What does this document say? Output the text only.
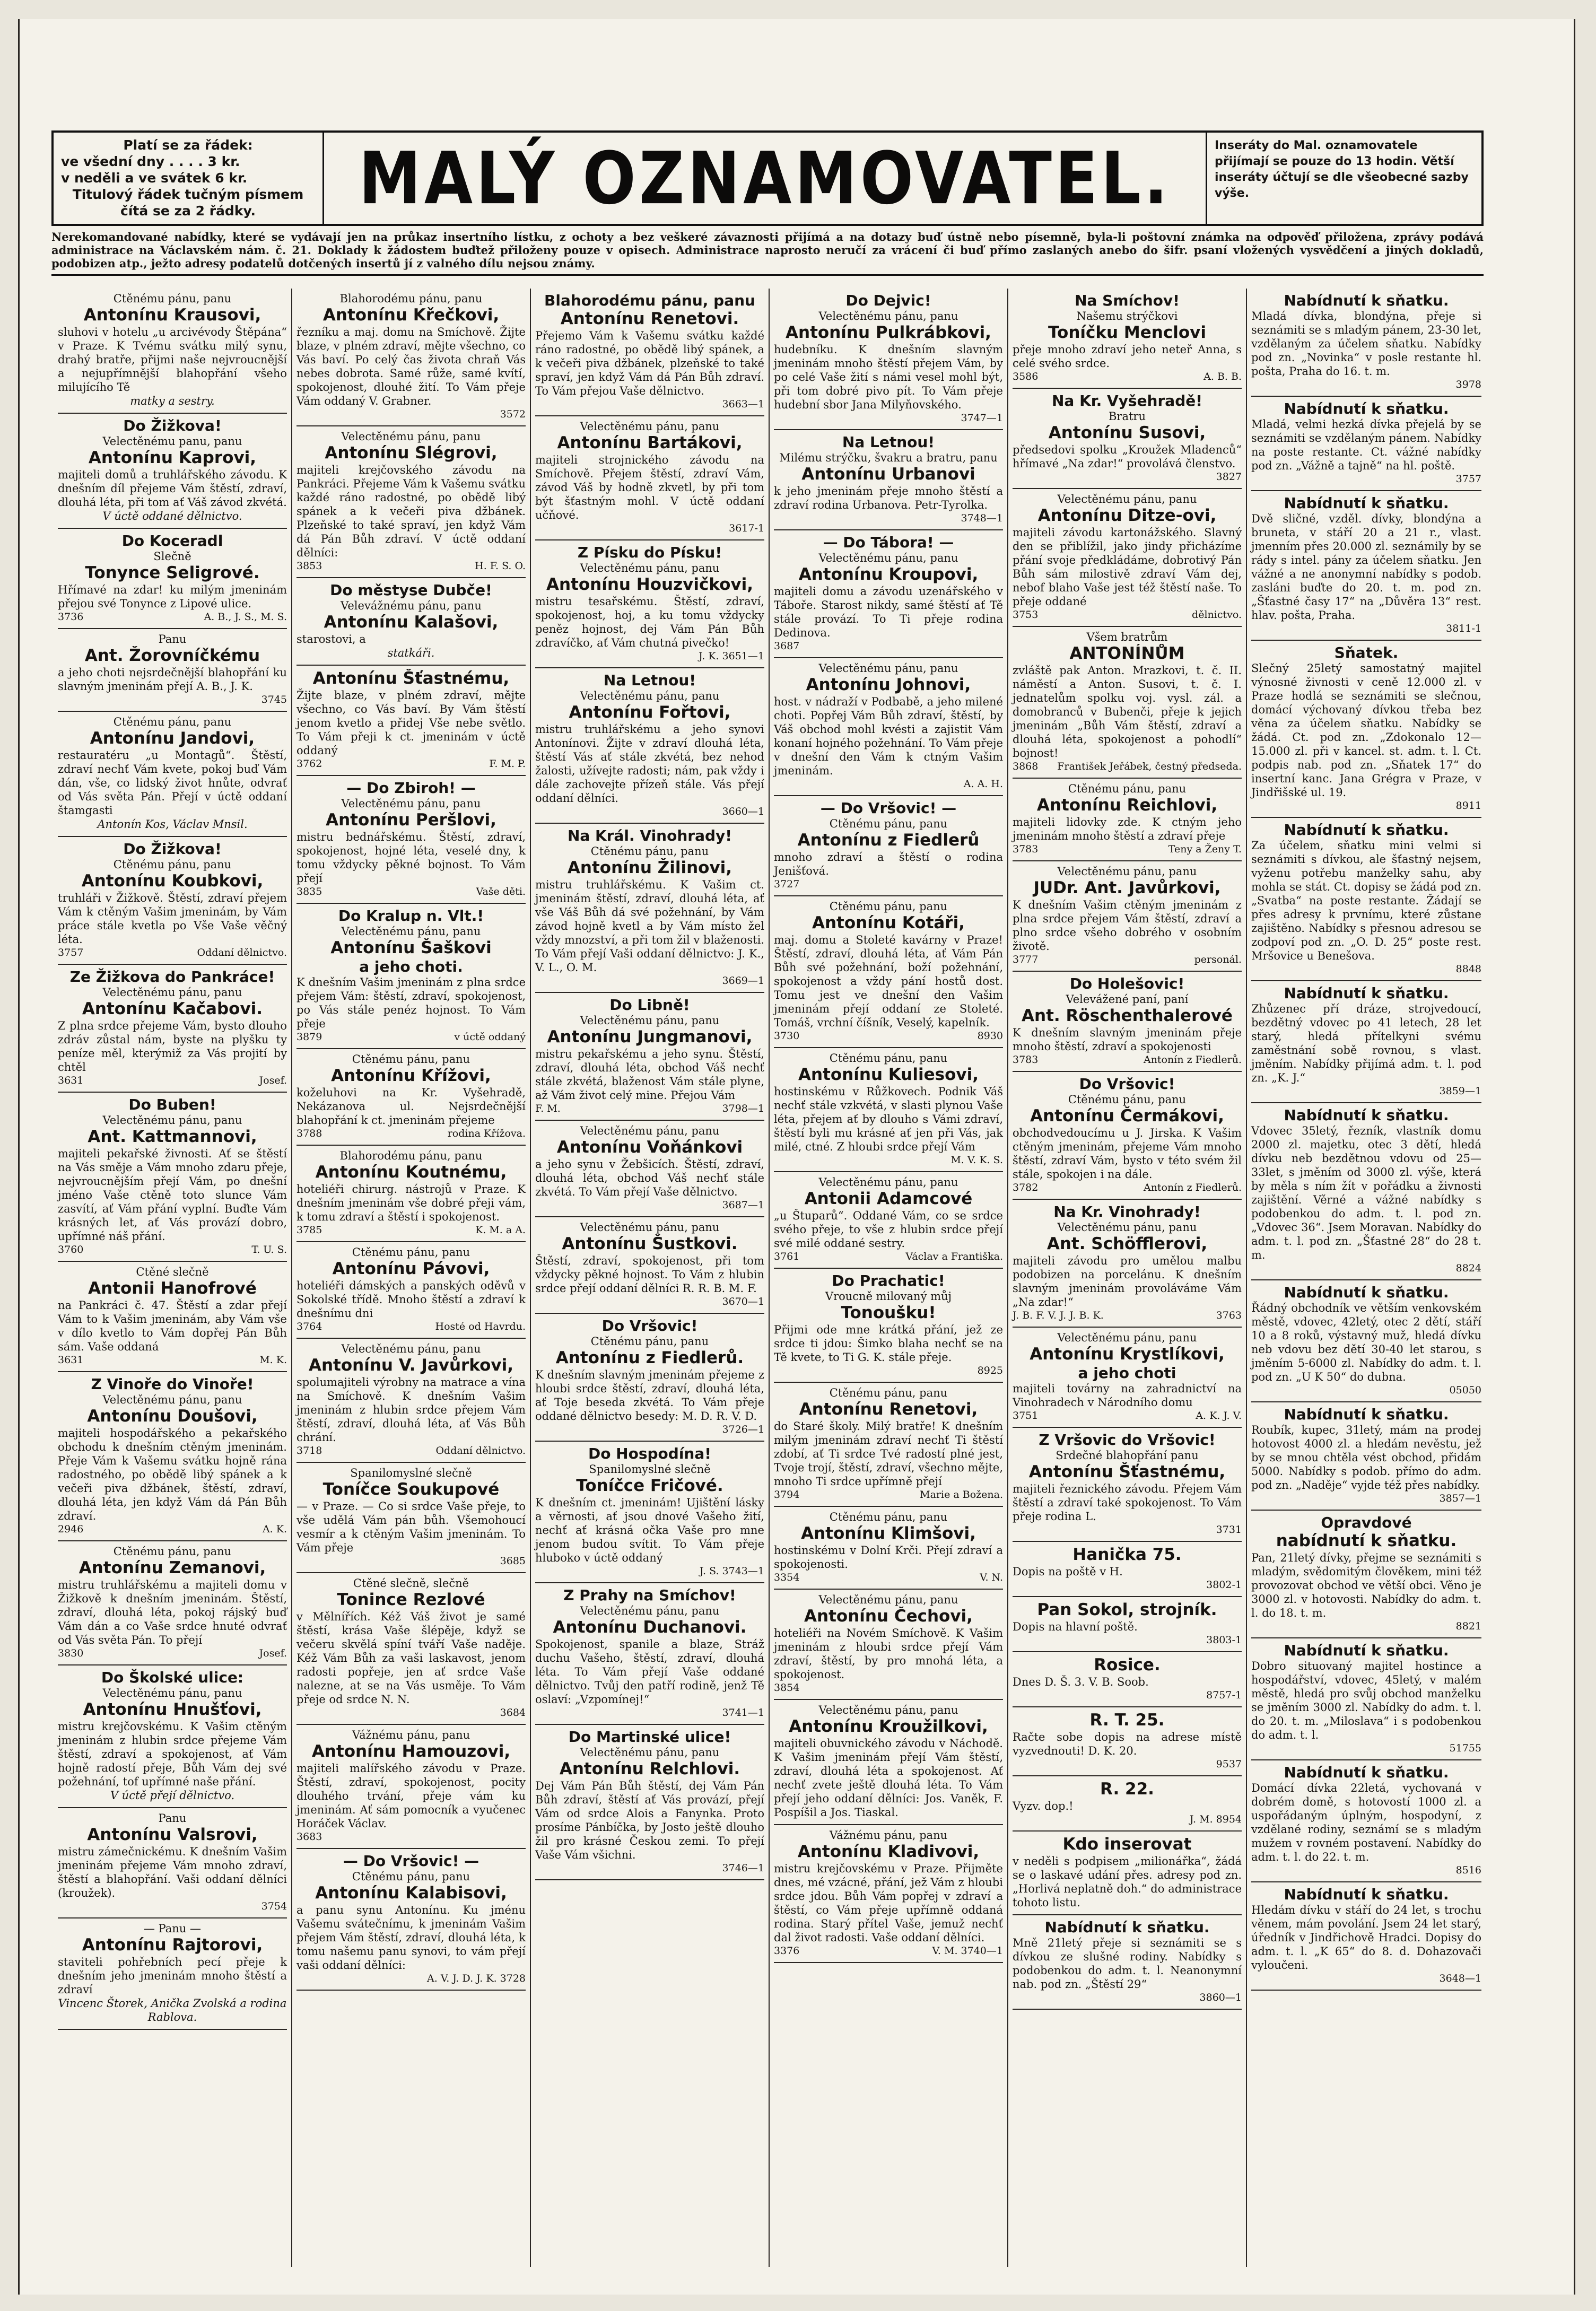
Platí se za řádek:
ve všední dny . . . . 3 kr.
v neděli a ve svátek 6 kr.
Titulový řádek tučným písmem
čítá se za 2 řádky.	MALÝ OZNAMOVATEL.	Inseráty do Mal. oznamovatele přijímají se pouze do 13 hodin. Větší inseráty účtují se dle všeobecné sazby výše.
Nerekomandované nabídky, které se vydávají jen na průkaz insertního lístku, z ochoty a bez veškeré závaznosti přijímá a na dotazy buď ústně nebo písemně, byla-li poštovní známka na odpověď přiložena, zprávy podává administrace na Václavském nám. č. 21. Doklady k žádostem buďtež přiloženy pouze v opisech. Administrace naprosto neručí za vrácení či buď přímo zaslaných anebo do šifr. psaní vložených vysvědčení a jiných dokladů, podobizen atp., ježto adresy podatelů dotčených insertů jí z valného dílu nejsou známy.
Ctěnému pánu, panu
Antonínu Krausovi,
sluhovi v hotelu „u arcivévody Štěpána“ v Praze. K Tvému svátku milý synu, drahý bratře, přijmi naše nejvroucnější a nejupřímnější blahopřání všeho milujícího Tě
matky a sestry.
Do Žižkova!
Velectěnému panu, panu
Antonínu Kaprovi,
majiteli domů a truhlářského závodu. K dnešním díl přejeme Vám štěstí, zdraví, dlouhá léta, při tom ať Váš závod zkvétá.
V úctě oddané dělnictvo.
Do Koceradl
Slečně
Tonynce Seligrové.
Hřímavé na zdar! ku milým jmeninám přejou své Tonynce z Lipové ulice.
3736	A. B., J. S., M. S.
Panu
Ant. Žorovníčkému
a jeho choti nejsrdečnější blahopřání ku slavným jmeninám přejí A. B., J. K.
3745
Ctěnému pánu, panu
Antonínu Jandovi,
restauratéru „u Montagů“. Štěstí, zdraví nechť Vám kvete, pokoj buď Vám dán, vše, co lidský život hnůte, odvrať od Vás světa Pán. Přejí v úctě oddaní štamgasti
Antonín Kos, Václav Mnsil.
Do Žižkova!
Ctěnému pánu, panu
Antonínu Koubkovi,
truhláři v Žižkově. Štěstí, zdraví přejem Vám k ctěným Vašim jmeninám, by Vám práce stále kvetla po Vše Vaše věčný léta.
3757	Oddaní dělnictvo.
Ze Žižkova do Pankráce!
Velectěnému pánu, panu
Antonínu Kačabovi.
Z plna srdce přejeme Vám, bysto dlouho zdráv zůstal nám, byste na plyšku ty peníze měl, kterýmiž za Vás projití by chtěl
3631	Josef.
Do Buben!
Velectěnému pánu, panu
Ant. Kattmannovi,
majiteli pekařské živnosti. Ať se štěstí na Vás směje a Vám mnoho zdaru přeje, nejvroucnějším přejí Vám, po dnešní jméno Vaše ctěně toto slunce Vám zasvítí, ať Vám přání vyplní. Buďte Vám krásných let, ať Vás provází dobro, upřímné náš přání.
3760	T. U. S.
Ctěné slečně
Antonii Hanofrové
na Pankráci č. 47. Štěstí a zdar přejí Vám to k Vašim jmeninám, aby Vám vše v dílo kvetlo to Vám dopřej Pán Bůh sám. Vaše oddaná
3631	M. K.
Z Vinoře do Vinoře!
Velectěnému pánu, panu
Antonínu Doušovi,
majiteli hospodářského a pekařského obchodu k dnešním ctěným jmeninám. Přeje Vám k Vašemu svátku hojně rána radostného, po obědě libý spánek a k večeři piva džbánek, štěstí, zdraví, dlouhá léta, jen když Vám dá Pán Bůh zdraví.
2946	A. K.
Ctěnému pánu, panu
Antonínu Zemanovi,
mistru truhlářskému a majiteli domu v Žižkově k dnešním jmeninám. Štěstí, zdraví, dlouhá léta, pokoj rájský buď Vám dán a co Vaše srdce hnuté odvrať od Vás světa Pán. To přejí
3830	Josef.
Do Školské ulice:
Velectěnému pánu, panu
Antonínu Hnušťovi,
mistru krejčovskému. K Vašim ctěným jmeninám z hlubin srdce přejeme Vám štěstí, zdraví a spokojenost, ať Vám hojně radostí přeje, Bůh Vám dej své požehnání, tof upřímné naše přání.
V úctě přejí dělnictvo.
Panu
Antonínu Valsrovi,
mistru zámečnickému. K dnešním Vašim jmeninám přejeme Vám mnoho zdraví, štěstí a blahopřání. Vaši oddaní dělníci (kroužek).
3754
— Panu —
Antonínu Rajtorovi,
staviteli pohřebních pecí přeje k dnešním jeho jmeninám mnoho štěstí a zdraví
Vincenc Štorek, Anička Zvolská a rodina Rablova.
Blahorodému pánu, panu
Antonínu Křečkovi,
řezníku a maj. domu na Smíchově. Žijte blaze, v plném zdraví, mějte všechno, co Vás baví. Po celý čas života chraň Vás nebes dobrota. Samé růže, samé kvítí, spokojenost, dlouhé žití. To Vám přeje Vám oddaný V. Grabner.
3572
Velectěnému pánu, panu
Antonínu Slégrovi,
majiteli krejčovského závodu na Pankráci. Přejeme Vám k Vašemu svátku každé ráno radostné, po obědě libý spánek a k večeři piva džbánek. Plzeňské to také spraví, jen když Vám dá Pán Bůh zdraví. V úctě oddaní dělníci:
3853	H. F. S. O.
Do městyse Dubče!
Velevážnému pánu, panu
Antonínu Kalašovi,
starostovi, a
statkáři.
Antonínu Šťastnému,
Žijte blaze, v plném zdraví, mějte všechno, co Vás baví. By Vám štěstí jenom kvetlo a přidej Vše nebe světlo. To Vám přeji k ct. jmeninám v úctě oddaný
3762	F. M. P.
— Do Zbiroh! —
Velectěnému pánu, panu
Antonínu Peršlovi,
mistru bednářskému. Štěstí, zdraví, spokojenost, hojné léta, veselé dny, k tomu vždycky pěkné bojnost. To Vám přejí
3835	Vaše děti.
Do Kralup n. Vlt.!
Velectěnému pánu, panu
Antonínu Šaškovi
a jeho choti.
K dnešním Vašim jmeninám z plna srdce přejem Vám: štěstí, zdraví, spokojenost, po Vás stále penéz hojnost. To Vám přeje
3879	v úctě oddaný
Ctěnému pánu, panu
Antonínu Křížovi,
koželuhovi na Kr. Vyšehradě, Nekázanova ul. Nejsrdečnější blahopřání k ct. jmeninám přejeme
3788	rodina Křížova.
Blahorodému pánu, panu
Antonínu Koutnému,
hoteliéři chirurg. nástrojů v Praze. K dnešním jmeninám vše dobré přeji vám, k tomu zdraví a štěstí i spokojenost.
3785	K. M. a A.
Ctěnému pánu, panu
Antonínu Pávovi,
hoteliéři dámských a panských oděvů v Sokolské třídě. Mnoho štěstí a zdraví k dnešnímu dni
3764	Hosté od Havrdu.
Velectěnému pánu, panu
Antonínu V. Javůrkovi,
spolumajiteli výrobny na matrace a vína na Smíchově. K dnešním Vašim jmeninám z hlubin srdce přejem Vám štěstí, zdraví, dlouhá léta, ať Vás Bůh chrání.
3718	Oddaní dělnictvo.
Spanilomyslné slečně
Toníčce Soukupové
— v Praze. — Co si srdce Vaše přeje, to vše udělá Vám pán bůh. Všemohoucí vesmír a k ctěným Vašim jmeninám. To Vám přeje
3685
Ctěné slečně, slečně
Tonince Rezlové
v Mělnířích. Kéž Váš život je samé štěstí, krása Vaše šlépěje, když se večeru skvělá spíní tváří Vaše naděje. Kéž Vám Bůh za vaši laskavost, jenom radosti popřeje, jen ať srdce Vaše nalezne, at se na Vás usměje. To Vám přeje od srdce N. N.
3684
Vážnému pánu, panu
Antonínu Hamouzovi,
majiteli malířského závodu v Praze. Štěstí, zdraví, spokojenost, pocity dlouhého trvání, přeje vám ku jmeninám. Ať sám pomocník a vyučenec Horáček Václav.
3683
— Do Vršovic! —
Ctěnému pánu, panu
Antonínu Kalabisovi,
a panu synu Antonínu. Ku jménu Vašemu svátečnímu, k jmeninám Vašim přejem Vám štěstí, zdraví, dlouhá léta, k tomu našemu panu synovi, to vám přejí vaši oddaní dělníci:
A. V. J. D. J. K. 3728
Blahorodému pánu, panu
Antonínu Renetovi.
Přejemo Vám k Vašemu svátku každé ráno radostné, po obědě libý spánek, a k večeři piva džbánek, plzeňské to také spraví, jen když Vám dá Pán Bůh zdraví. To Vám přejou Vaše dělnictvo.
3663—1
Velectěnému pánu, panu
Antonínu Bartákovi,
majiteli strojnického závodu na Smíchově. Přejem štěstí, zdraví Vám, závod Váš by hodně zkvetl, by při tom být šťastným mohl. V úctě oddaní učňové.
3617-1
Z Písku do Písku!
Velectěnému pánu, panu
Antonínu Houzvičkovi,
mistru tesařskému. Štěstí, zdraví, spokojenost, hoj, a ku tomu vždycky peněz hojnost, dej Vám Pán Bůh zdravíčko, ať Vám chutná pivečko!
J. K. 3651—1
Na Letnou!
Velectěnému pánu, panu
Antonínu Fořtovi,
mistru truhlářskému a jeho synovi Antonínovi. Žijte v zdraví dlouhá léta, štěstí Vás ať stále zkvétá, bez nehod žalosti, užívejte radosti; nám, pak vždy i dále zachovejte přízeň stále. Vás přejí oddaní dělníci.
3660—1
Na Král. Vinohrady!
Ctěnému pánu, panu
Antonínu Žilinovi,
mistru truhlářskému. K Vašim ct. jmeninám štěstí, zdraví, dlouhá léta, ať vše Váš Bůh dá své požehnání, by Vám závod hojně kvetl a by Vám místo žel vždy mnozství, a při tom žil v blaženosti. To Vám přejí Vaši oddaní dělnictvo: J. K., V. L., O. M.
3669—1
Do Libně!
Velectěnému pánu, panu
Antonínu Jungmanovi,
mistru pekařskému a jeho synu. Štěstí, zdraví, dlouhá léta, obchod Váš nechť stále zkvétá, blaženost Vám stále plyne, až Vám život celý mine. Přejou Vám
F. M.	3798—1
Velectěnému pánu, panu
Antonínu Voňánkovi
a jeho synu v Žebšicích. Štěstí, zdraví, dlouhá léta, obchod Váš nechť stále zkvétá. To Vám přejí Vaše dělnictvo.
3687—1
Velectěnému pánu, panu
Antonínu Šustkovi.
Štěstí, zdraví, spokojenost, při tom vždycky pěkné hojnost. To Vám z hlubin srdce přejí oddaní dělníci R. R. B. M. F.
3670—1
Do Vršovic!
Ctěnému pánu, panu
Antonínu z Fiedlerů.
K dnešním slavným jmeninám přejeme z hloubi srdce štěstí, zdraví, dlouhá léta, ať Toje beseda zkvétá. To Vám přeje oddané dělnictvo besedy: M. D. R. V. D.
3726—1
Do Hospodína!
Spanilomyslné slečně
Toníčce Fričové.
K dnešním ct. jmeninám! Ujištění lásky a věrnosti, ať jsou dnové Vašeho žití, nechť ať krásná očka Vaše pro mne jenom budou svítit. To Vám přeje hluboko v úctě oddaný
J. S. 3743—1
Z Prahy na Smíchov!
Velectěnému pánu, panu
Antonínu Duchanovi.
Spokojenost, spanile a blaze, Stráž duchu Vašeho, štěstí, zdraví, dlouhá léta. To Vám přejí Vaše oddané dělnictvo. Tvůj den patří rodině, jenž Tě oslaví: „Vzpomínej!“
3741—1
Do Martinské ulice!
Velectěnému pánu, panu
Antonínu Relchlovi.
Dej Vám Pán Bůh štěstí, dej Vám Pán Bůh zdraví, štěstí ať Vás provází, přejí Vám od srdce Alois a Fanynka. Proto prosíme Pánbíčka, by Josto ještě dlouho žil pro krásné Českou zemi. To přejí Vaše Vám všichni.
3746—1
Do Dejvic!
Velectěnému pánu, panu
Antonínu Pulkrábkovi,
hudebníku. K dnešním slavným jmeninám mnoho štěstí přejem Vám, by po celé Vaše žití s námi vesel mohl být, při tom dobré pivo pít. To Vám přeje hudební sbor Jana Milyňovského.
3747—1
Na Letnou!
Milému strýčku, švakru a bratru, panu
Antonínu Urbanovi
k jeho jmeninám přeje mnoho štěstí a zdraví rodina Urbanova. Petr-Tyrolka.
3748—1
— Do Tábora! —
Velectěnému pánu, panu
Antonínu Kroupovi,
majiteli domu a závodu uzenářského v Táboře. Starost nikdy, samé štěstí ať Tě stále provází. To Ti přeje rodina Dedinova.
3687
Velectěnému pánu, panu
Antonínu Johnovi,
host. v nádraží v Podbabě, a jeho milené choti. Popřej Vám Bůh zdraví, štěstí, by Váš obchod mohl kvésti a zajistit Vám konaní hojného požehnání. To Vám přeje v dnešní den Vám k ctným Vašim jmeninám.
A. A. H.
— Do Vršovic! —
Ctěnému pánu, panu
Antonínu z Fiedlerů
mnoho zdraví a štěstí o rodina Jenišťová.
3727
Ctěnému pánu, panu
Antonínu Kotáři,
maj. domu a Stoleté kavárny v Praze! Štěstí, zdraví, dlouhá léta, ať Vám Pán Bůh své požehnání, boží požehnání, spokojenost a vždy pání hostů dost. Tomu jest ve dnešní den Vašim jmeninám přejí oddaní ze Stoleté. Tomáš, vrchní číšník, Veselý, kapelník.
3730	8930
Ctěnému pánu, panu
Antonínu Kuliesovi,
hostinskému v Růžkovech. Podnik Váš nechť stále vzkvétá, v slasti plynou Vaše léta, přejem ať by dlouho s Vámi zdraví, štěstí byli mu krásné ať jen při Vás, jak milé, ctné. Z hloubi srdce přejí Vám
M. V. K. S.
Velectěnému pánu, panu
Antonii Adamcové
„u Štuparů“. Oddané Vám, co se srdce svého přeje, to vše z hlubin srdce přejí své milé oddané sestry.
3761	Václav a Františka.
Do Prachatic!
Vroucně milovaný můj
Tonoušku!
Přijmi ode mne krátká přání, jež ze srdce ti jdou: Šimko blaha nechť se na Tě kvete, to Ti G. K. stále přeje.
8925
Ctěnému pánu, panu
Antonínu Renetovi,
do Staré školy. Milý bratře! K dnešním milým jmeninám zdraví nechť Ti štěstí zdobí, ať Ti srdce Tvé radostí plné jest, Tvoje trojí, štěstí, zdraví, všechno mějte, mnoho Ti srdce upřímně přejí
3794	Marie a Božena.
Ctěnému pánu, panu
Antonínu Klimšovi,
hostinskému v Dolní Krči. Přejí zdraví a spokojenosti.
3354	V. N.
Velectěnému pánu, panu
Antonínu Čechovi,
hoteliéři na Novém Smíchově. K Vašim jmeninám z hloubi srdce přejí Vám zdraví, štěstí, by pro mnohá léta, a spokojenost.
3854
Velectěnému pánu, panu
Antonínu Kroužilkovi,
majiteli obuvnického závodu v Náchodě. K Vašim jmeninám přejí Vám štěstí, zdraví, dlouhá léta a spokojenost. Ať nechť zvete ještě dlouhá léta. To Vám přejí jeho oddaní dělníci: Jos. Vaněk, F. Pospíšil a Jos. Tiaskal.
Vážnému pánu, panu
Antonínu Kladivovi,
mistru krejčovskému v Praze. Přijměte dnes, mé vzácné, přání, jež Vám z hloubi srdce jdou. Bůh Vám popřej v zdraví a štěstí, co Vám přeje upřímně oddaná rodina. Starý přítel Vaše, jemuž nechť dal život radosti. Vaše oddaní dělníci.
3376	V. M. 3740—1
Na Smíchov!
Našemu strýčkovi
Toníčku Menclovi
přeje mnoho zdraví jeho neteř Anna, s celé svého srdce.
3586	A. B. B.
Na Kr. Vyšehradě!
Bratru
Antonínu Susovi,
předsedovi spolku „Kroužek Mladenců“ hřímavé „Na zdar!“ provolává členstvo.
3827
Velectěnému pánu, panu
Antonínu Ditze-ovi,
majiteli závodu kartonážského. Slavný den se přiblížil, jako jindy přicházíme přání svoje předkládáme, dobrotivý Pán Bůh sám milostivě zdraví Vám dej, nebof blaho Vaše jest též štěstí naše. To přeje oddané
3753	dělnictvo.
Všem bratrům
ANTONÍNŮM
zvláště pak Anton. Mrazkovi, t. č. II. náměstí a Anton. Susovi, t. č. I. jednatelům spolku voj. vysl. zál. a domobranců v Bubenči, přeje k jejich jmeninám „Bůh Vám štěstí, zdraví a dlouhá léta, spokojenost a pohodlí“ bojnost!
3868 František Jeřábek, čestný předseda.
Ctěnému pánu, panu
Antonínu Reichlovi,
majiteli lidovky zde. K ctným jeho jmeninám mnoho štěstí a zdraví přeje
3783	Teny a Ženy T.
Velectěnému pánu, panu
JUDr. Ant. Javůrkovi,
K dnešním Vašim ctěným jmeninám z plna srdce přejem Vám štěstí, zdraví a plno srdce všeho dobrého v osobním životě.
3777	personál.
Do Holešovic!
Velevážené paní, paní
Ant. Röschenthalerové
K dnešním slavným jmeninám přeje mnoho štěstí, zdraví a spokojenosti
3783	Antonín z Fiedlerů.
Do Vršovic!
Ctěnému pánu, panu
Antonínu Čermákovi,
obchodvedoucímu u J. Jirska. K Vašim ctěným jmeninám, přejeme Vám mnoho štěstí, zdraví Vám, bysto v této svém žil stále, spokojen i na dále.
3782	Antonín z Fiedlerů.
Na Kr. Vinohrady!
Velectěnému pánu, panu
Ant. Schöfflerovi,
majiteli závodu pro umělou malbu podobizen na porcelánu. K dnešním slavným jmeninám provoláváme Vám „Na zdar!“
J. B. F. V. J. J. B. K.	3763
Velectěnému pánu, panu
Antonínu Krystlíkovi,
a jeho choti
majiteli továrny na zahradnictví na Vinohradech v Národního domu
3751	A. K. J. V.
Z Vršovic do Vršovic!
Srdečné blahopřání panu
Antonínu Šťastnému,
majiteli řeznického závodu. Přejem Vám štěstí a zdraví také spokojenost. To Vám přeje rodina L.
3731
Hanička 75.
Dopis na poště v H.
3802-1
Pan Sokol, strojník.
Dopis na hlavní poště.
3803-1
Rosice.
Dnes D. Š. 3. V. B. Soob.
8757-1
R. T. 25.
Račte sobe dopis na adrese místě vyzvednouti! D. K. 20.
9537
R. 22.
Vyzv. dop.!
J. M. 8954
Kdo inserovat
v neděli s podpisem „milionářka“, žádá se o laskavé udání přes. adresy pod zn. „Horlivá neplatně doh.“ do administrace tohoto listu.
Nabídnutí k sňatku.
Mně 21letý přeje si seznámiti se s dívkou ze slušné rodiny. Nabídky s podobenkou do adm. t. l. Neanonymní nab. pod zn. „Štěstí 29“
3860—1
Nabídnutí k sňatku.
Mladá dívka, blondýna, přeje si seznámiti se s mladým pánem, 23-30 let, vzdělaným za účelem sňatku. Nabídky pod zn. „Novinka“ v posle restante hl. pošta, Praha do 16. t. m.
3978
Nabídnutí k sňatku.
Mladá, velmi hezká dívka přejelá by se seznámiti se vzdělaným pánem. Nabídky na poste restante. Ct. vážné nabídky pod zn. „Vážně a tajně“ na hl. poště.
3757
Nabídnutí k sňatku.
Dvě sličné, vzděl. dívky, blondýna a bruneta, v stáří 20 a 21 r., vlast. jmenním přes 20.000 zl. seznámily by se rády s intel. pány za účelem sňatku. Jen vážné a ne anonymní nabídky s podob. zasláni buďte do 20. t. m. pod zn. „Šťastné časy 17“ na „Důvěra 13“ rest. hlav. pošta, Praha.
3811-1
Sňatek.
Slečný 25letý samostatný majitel výnosné živnosti v ceně 12.000 zl. v Praze hodlá se seznámiti se slečnou, domácí výchovaný dívkou třeba bez věna za účelem sňatku. Nabídky se žádá. Ct. pod zn. „Zdokonalo 12—15.000 zl. při v kancel. st. adm. t. l. Ct. podpis nab. pod zn. „Sňatek 17“ do insertní kanc. Jana Grégra v Praze, v Jindřišské ul. 19.
8911
Nabídnutí k sňatku.
Za účelem, sňatku mini velmi si seznámiti s dívkou, ale šťastný nejsem, vyženu potřebu manželky sahu, aby mohla se stát. Ct. dopisy se žádá pod zn. „Svatba“ na poste restante. Žádají se přes adresy k prvnímu, které zůstane zajištěno. Nabídky s přesnou adresou se zodpoví pod zn. „O. D. 25“ poste rest. Mršovice u Benešova.
8848
Nabídnutí k sňatku.
Zhůzenec pří dráze, strojvedoucí, bezdětný vdovec po 41 letech, 28 let starý, hledá přítelkyni svému zaměstnání sobě rovnou, s vlast. jměním. Nabídky přijímá adm. t. l. pod zn. „K. J.“
3859—1
Nabídnutí k sňatku.
Vdovec 35letý, řezník, vlastník domu 2000 zl. majetku, otec 3 dětí, hledá dívku neb bezdětnou vdovu od 25—33let, s jměním od 3000 zl. výše, která by měla s ním žít v pořádku a živnosti zajištění. Věrné a vážné nabídky s podobenkou do adm. t. l. pod zn. „Vdovec 36“. Jsem Moravan. Nabídky do adm. t. l. pod zn. „Šťastné 28“ do 28 t. m.
8824
Nabídnutí k sňatku.
Řádný obchodník ve větším venkovském městě, vdovec, 42letý, otec 2 dětí, stáří 10 a 8 roků, výstavný muž, hledá dívku neb vdovu bez dětí 30-40 let starou, s jměním 5-6000 zl. Nabídky do adm. t. l. pod zn. „U K 50“ do dubna.
05050
Nabídnutí k sňatku.
Roubík, kupec, 31letý, mám na prodej hotovost 4000 zl. a hledám nevěstu, jež by se mnou chtěla vést obchod, přidám 5000. Nabídky s podob. přímo do adm. pod zn. „Naděje“ vyjde též přes nabídky.
3857—1
Opravdové
nabídnutí k sňatku.
Pan, 21letý dívky, přejme se seznámiti s mladým, svědomitým člověkem, mini též provozovat obchod ve větší obci. Věno je 3000 zl. v hotovosti. Nabídky do adm. t. l. do 18. t. m.
8821
Nabídnutí k sňatku.
Dobro situovaný majitel hostince a hospodářství, vdovec, 45letý, v malém městě, hledá pro svůj obchod manželku se jměním 3000 zl. Nabídky do adm. t. l. do 20. t. m. „Miloslava“ i s podobenkou do adm. t. l.
51755
Nabídnutí k sňatku.
Domácí dívka 22letá, vychovaná v dobrém domě, s hotovostí 1000 zl. a uspořádaným úplným, hospodyní, z vzdělané rodiny, seznámí se s mladým mužem v rovném postavení. Nabídky do adm. t. l. do 22. t. m.
8516
Nabídnutí k sňatku.
Hledám dívku v stáří do 24 let, s trochu věnem, mám povolání. Jsem 24 let starý, úředník v Jindřichově Hradci. Dopisy do adm. t. l. „K 65“ do 8. d. Dohazovači vyloučeni.
3648—1
